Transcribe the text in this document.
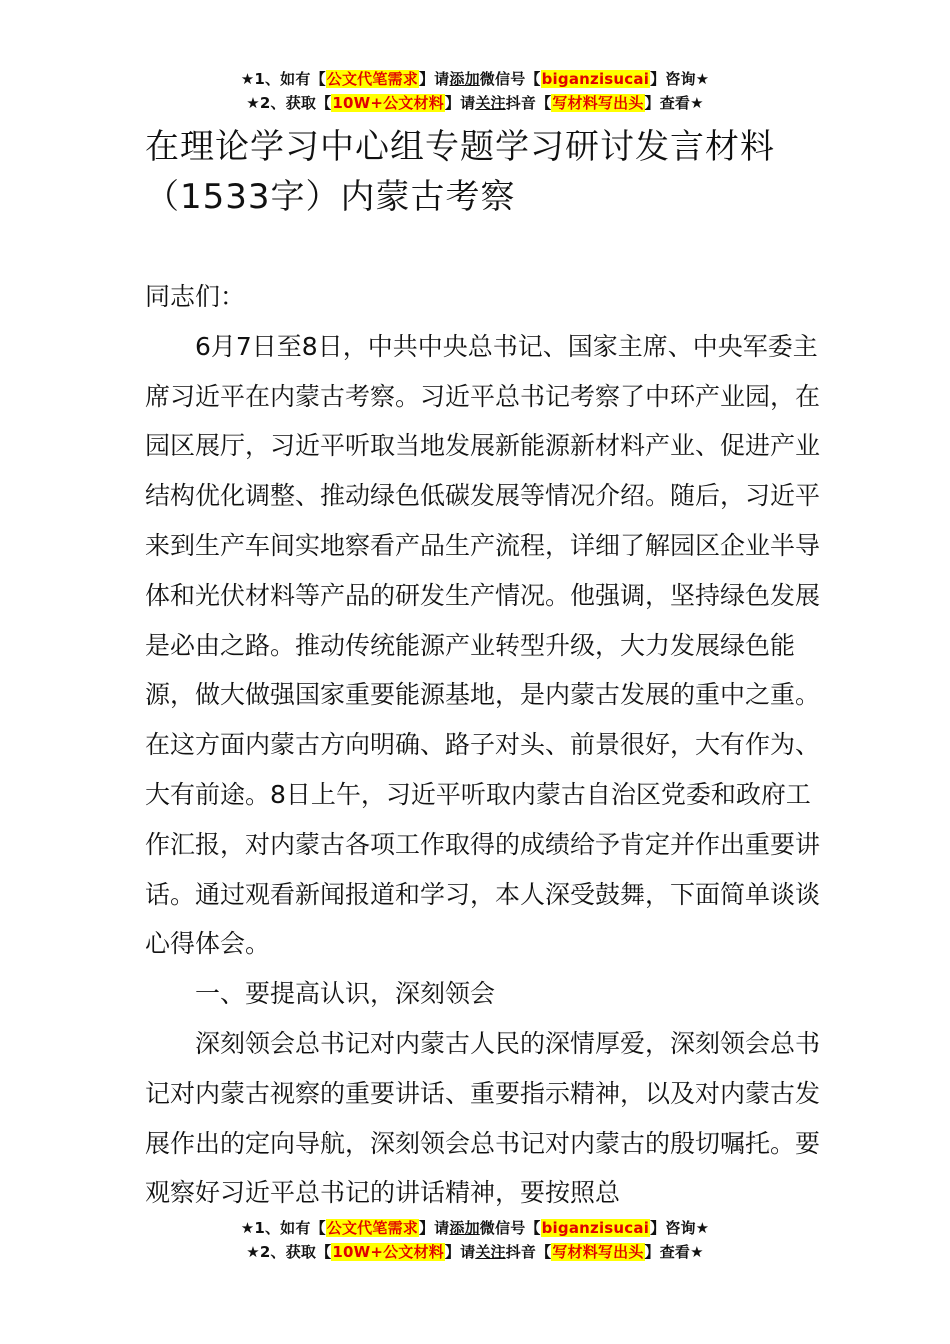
★1、如有【公文代笔需求】请添加微信号【biganzisucai】咨询★
★2、获取【10W+公文材料】请关注抖音【写材料写出头】查看★
在理论学习中心组专题学习研讨发言材料（1533字）内蒙古考察

同志们：

6月7日至8日，中共中央总书记、国家主席、中央军委主席习近平在内蒙古考察。习近平总书记考察了中环产业园，在园区展厅，习近平听取当地发展新能源新材料产业、促进产业结构优化调整、推动绿色低碳发展等情况介绍。随后，习近平来到生产车间实地察看产品生产流程，详细了解园区企业半导体和光伏材料等产品的研发生产情况。他强调，坚持绿色发展是必由之路。推动传统能源产业转型升级，大力发展绿色能源，做大做强国家重要能源基地，是内蒙古发展的重中之重。在这方面内蒙古方向明确、路子对头、前景很好，大有作为、大有前途。8日上午，习近平听取内蒙古自治区党委和政府工作汇报，对内蒙古各项工作取得的成绩给予肯定并作出重要讲话。通过观看新闻报道和学习，本人深受鼓舞，下面简单谈谈心得体会。

一、要提高认识，深刻领会

深刻领会总书记对内蒙古人民的深情厚爱，深刻领会总书记对内蒙古视察的重要讲话、重要指示精神，以及对内蒙古发展作出的定向导航，深刻领会总书记对内蒙古的殷切嘱托。要观察好习近平总书记的讲话精神，要按照总

★1、如有【公文代笔需求】请添加微信号【biganzisucai】咨询★
★2、获取【10W+公文材料】请关注抖音【写材料写出头】查看★
